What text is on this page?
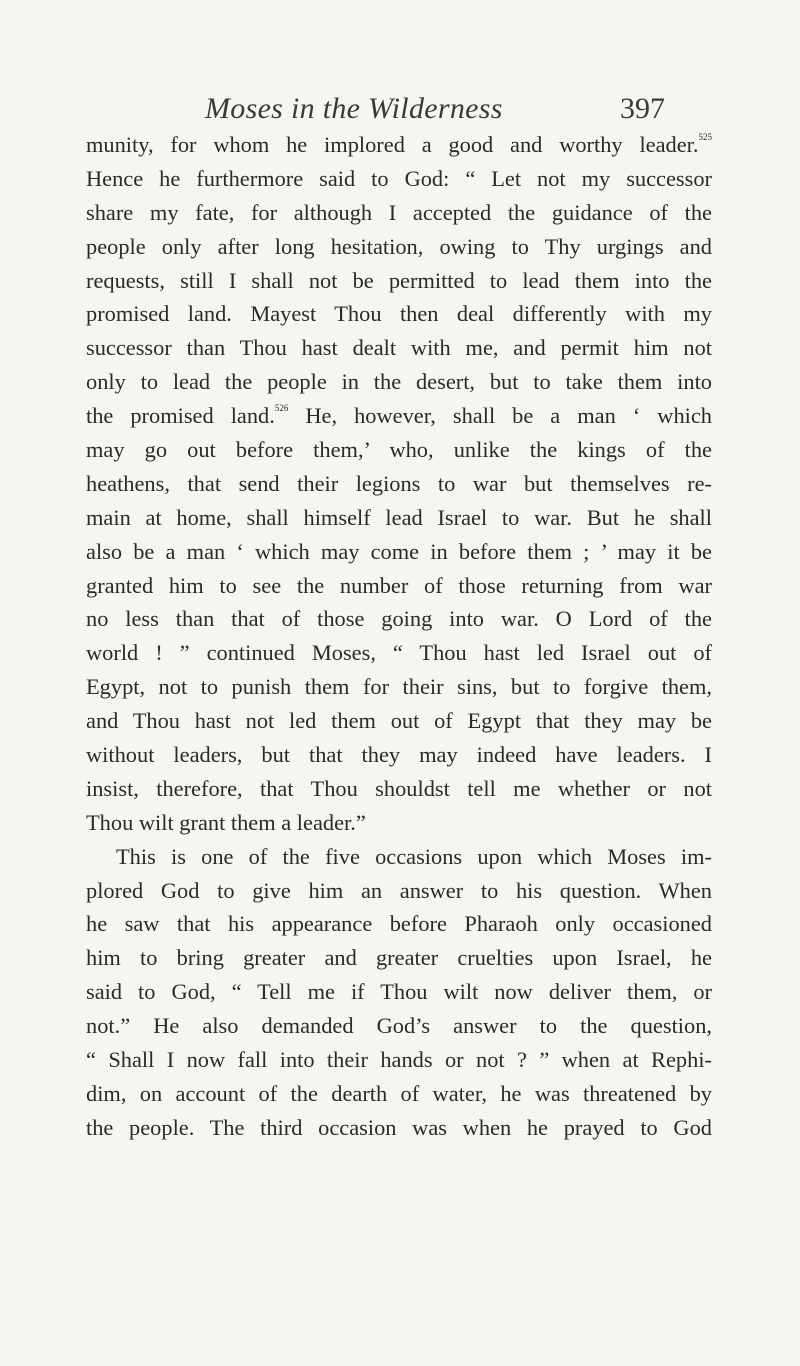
Moses in the Wilderness	397
munity, for whom he implored a good and worthy leader.$^{525}$
Hence he furthermore said to God: “ Let not my successor
share my fate, for although I accepted the guidance of the
people only after long hesitation, owing to Thy urgings and
requests, still I shall not be permitted to lead them into the
promised land. Mayest Thou then deal differently with my
successor than Thou hast dealt with me, and permit him not
only to lead the people in the desert, but to take them into
the promised land.$^{526}$ He, however, shall be a man ‘ which
may go out before them,’ who, unlike the kings of the
heathens, that send their legions to war but themselves re-
main at home, shall himself lead Israel to war. But he shall
also be a man ‘ which may come in before them ; ’ may it be
granted him to see the number of those returning from war
no less than that of those going into war. O Lord of the
world ! ” continued Moses, “ Thou hast led Israel out of
Egypt, not to punish them for their sins, but to forgive them,
and Thou hast not led them out of Egypt that they may be
without leaders, but that they may indeed have leaders. I
insist, therefore, that Thou shouldst tell me whether or not
Thou wilt grant them a leader.”
This is one of the five occasions upon which Moses im-
plored God to give him an answer to his question. When
he saw that his appearance before Pharaoh only occasioned
him to bring greater and greater cruelties upon Israel, he
said to God, “ Tell me if Thou wilt now deliver them, or
not.” He also demanded God’s answer to the question,
“ Shall I now fall into their hands or not ? ” when at Rephi-
dim, on account of the dearth of water, he was threatened by
the people. The third occasion was when he prayed to God
